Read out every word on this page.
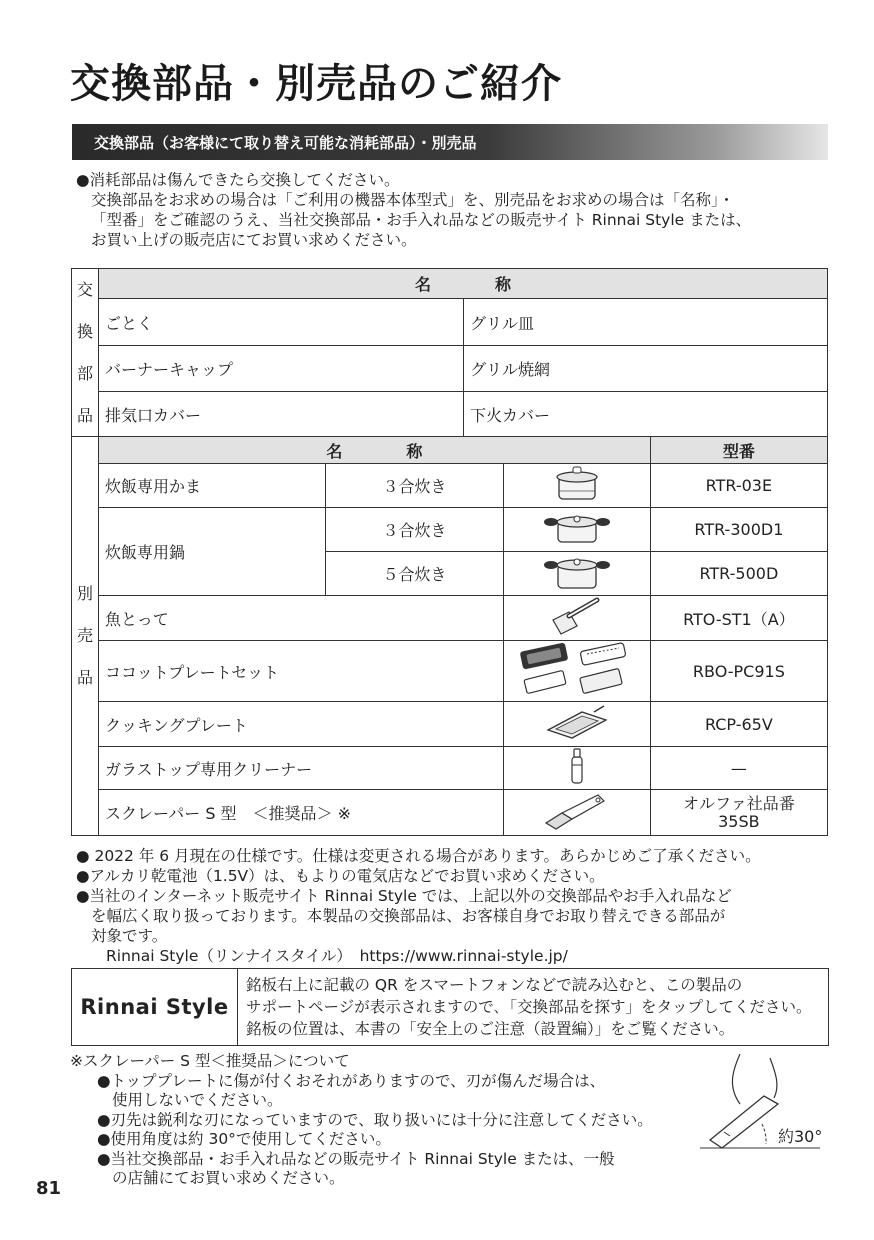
交換部品・別売品のご紹介
交換部品（お客様にて取り替え可能な消耗部品）・別売品
●消耗部品は傷んできたら交換してください。
交換部品をお求めの場合は「ご利用の機器本体型式」を、別売品をお求めの場合は「名称」・
「型番」をご確認のうえ、当社交換部品・お手入れ品などの販売サイト Rinnai Style または、
お買い上げの販売店にてお買い求めください。
交
換
部
品	名　　　　称	
	ごとく	グリル皿
	バーナーキャップ	グリル焼網
	排気口カバー	下火カバー
別
売
品	名　　　　称			型番
	炊飯専用かま	３合炊き		RTR-03E
	炊飯専用鍋	３合炊き		RTR-300D1
		５合炊き		RTR-500D
	魚とって			RTO-ST1（A）
	ココットプレートセット			RBO-PC91S
	クッキングプレート			RCP-65V
	ガラストップ専用クリーナー			—
	スクレーパー S 型　＜推奨品＞ ※			オルファ社品番
35SB
● 2022 年 6 月現在の仕様です。仕様は変更される場合があります。あらかじめご了承ください。
●アルカリ乾電池（1.5V）は、もよりの電気店などでお買い求めください。
●当社のインターネット販売サイト Rinnai Style では、上記以外の交換部品やお手入れ品など
を幅広く取り扱っております。本製品の交換部品は、お客様自身でお取り替えできる部品が
対象です。
Rinnai Style（リンナイスタイル）　https://www.rinnai-style.jp/
Rinnai Style
銘板右上に記載の QR をスマートフォンなどで読み込むと、この製品の
サポートページが表示されますので､「交換部品を探す」をタップしてください。
銘板の位置は、本書の「安全上のご注意（設置編）」をご覧ください。
※スクレーパー S 型＜推奨品＞について
●トッププレートに傷が付くおそれがありますので、刃が傷んだ場合は、
使用しないでください。
●刃先は鋭利な刃になっていますので、取り扱いには十分に注意してください。
●使用角度は約 30°で使用してください。
●当社交換部品・お手入れ品などの販売サイト Rinnai Style または、一般
の店舗にてお買い求めください。
約30°
81
